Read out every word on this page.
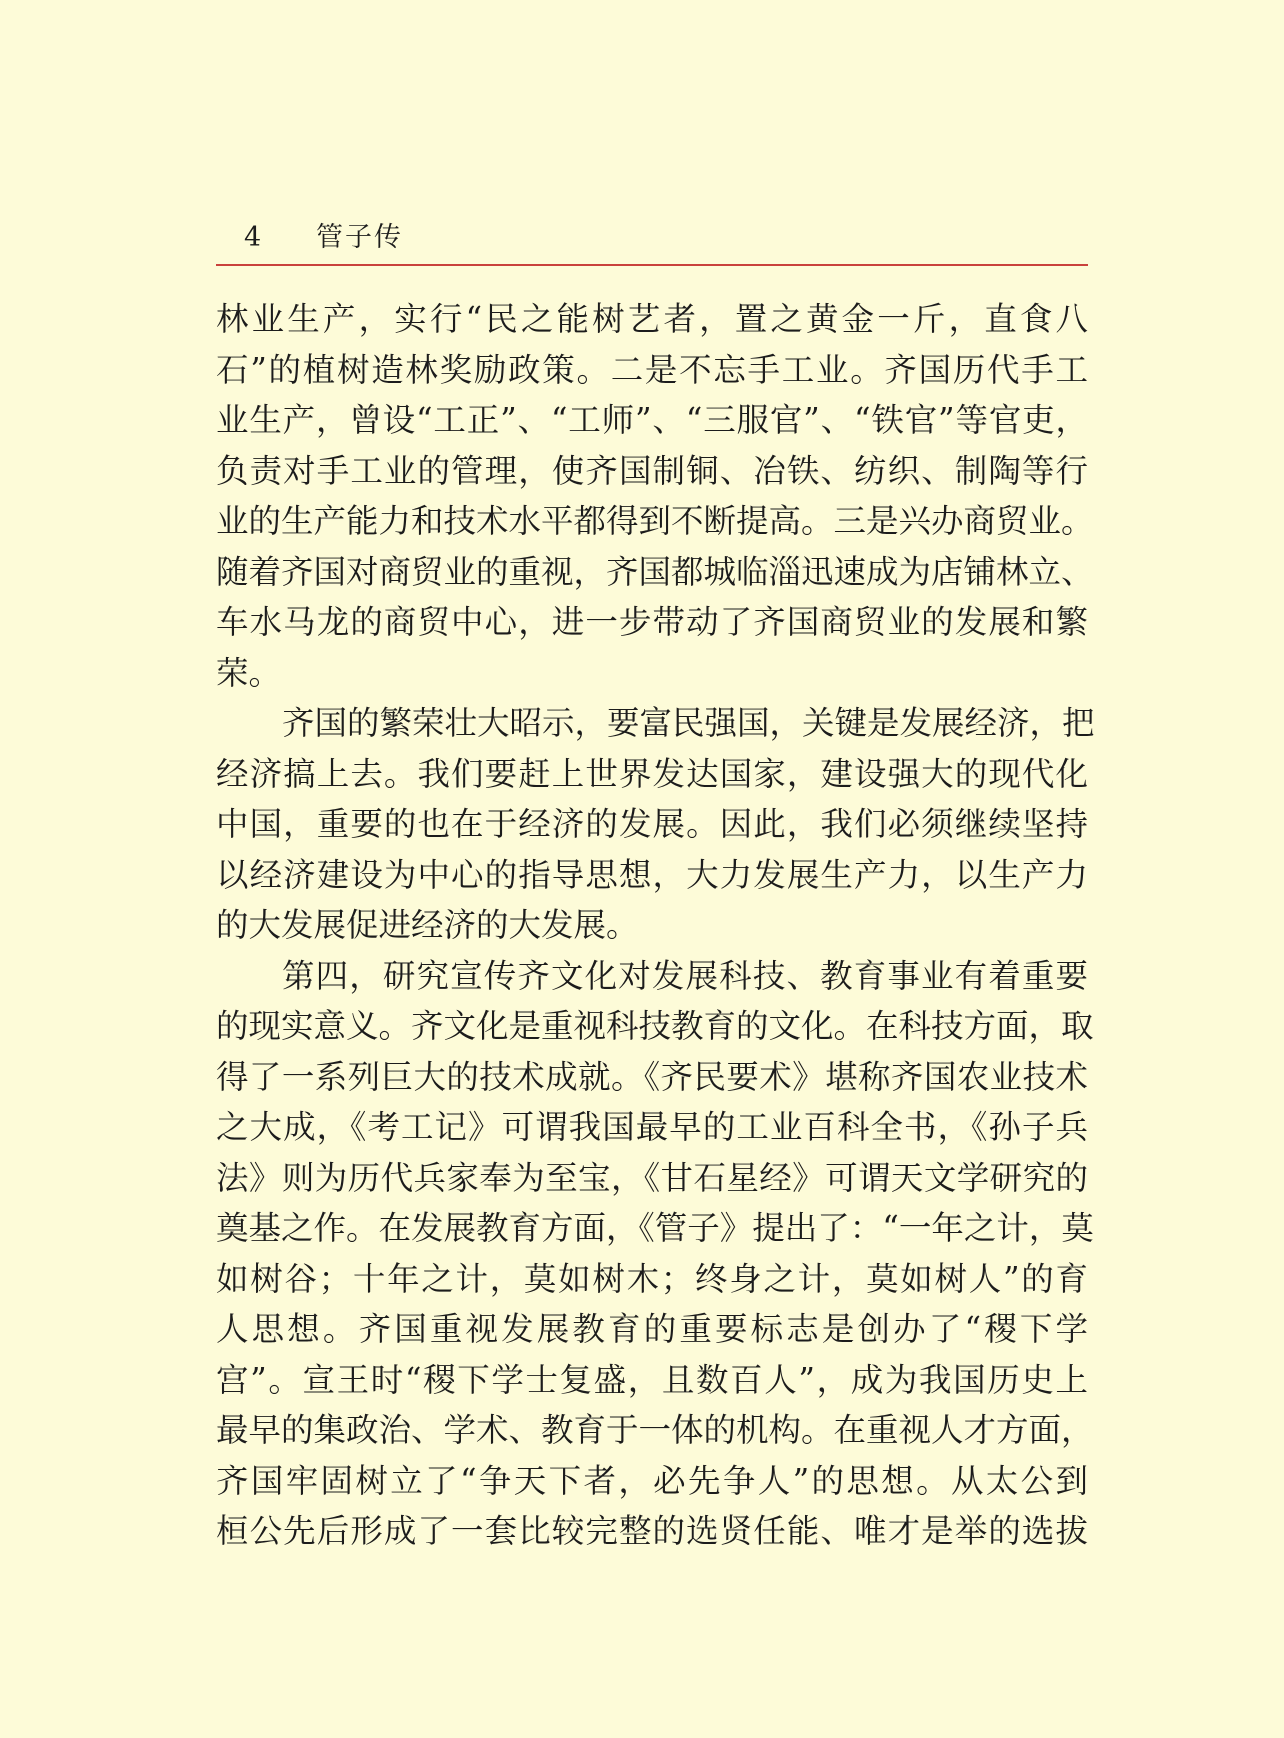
4 管子传
林业生产，实行“民之能树艺者，置之黄金一斤，直食八
石”的植树造林奖励政策。二是不忘手工业。齐国历代手工
业生产，曾设“工正”、“工师”、“三服官”、“铁官”等官吏，
负责对手工业的管理，使齐国制铜、冶铁、纺织、制陶等行
业的生产能力和技术水平都得到不断提高。三是兴办商贸业。
随着齐国对商贸业的重视，齐国都城临淄迅速成为店铺林立、
车水马龙的商贸中心，进一步带动了齐国商贸业的发展和繁
荣。
齐国的繁荣壮大昭示，要富民强国，关键是发展经济，把
经济搞上去。我们要赶上世界发达国家，建设强大的现代化
中国，重要的也在于经济的发展。因此，我们必须继续坚持
以经济建设为中心的指导思想，大力发展生产力，以生产力
的大发展促进经济的大发展。
第四，研究宣传齐文化对发展科技、教育事业有着重要
的现实意义。齐文化是重视科技教育的文化。在科技方面，取
得了一系列巨大的技术成就。《齐民要术》堪称齐国农业技术
之大成，《考工记》可谓我国最早的工业百科全书，《孙子兵
法》则为历代兵家奉为至宝，《甘石星经》可谓天文学研究的
奠基之作。在发展教育方面，《管子》提出了：“一年之计，莫
如树谷；十年之计，莫如树木；终身之计，莫如树人”的育
人思想。齐国重视发展教育的重要标志是创办了“稷下学
宫”。宣王时“稷下学士复盛，且数百人”，成为我国历史上
最早的集政治、学术、教育于一体的机构。在重视人才方面，
齐国牢固树立了“争天下者，必先争人”的思想。从太公到
桓公先后形成了一套比较完整的选贤任能、唯才是举的选拔
